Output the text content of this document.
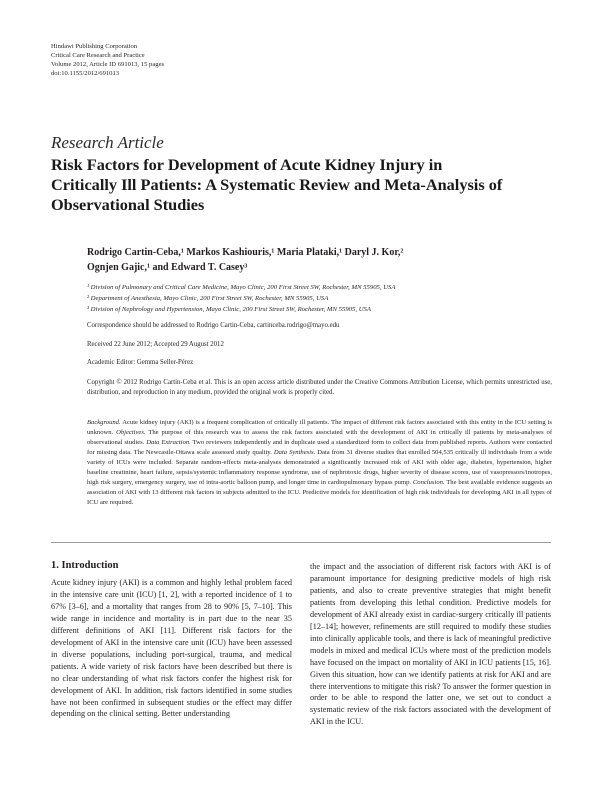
Hindawi Publishing Corporation
Critical Care Research and Practice
Volume 2012, Article ID 691013, 15 pages
doi:10.1155/2012/691013
Research Article
Risk Factors for Development of Acute Kidney Injury in
Critically Ill Patients: A Systematic Review and Meta-Analysis of
Observational Studies
Rodrigo Cartin-Ceba,¹ Markos Kashiouris,¹ Maria Plataki,¹ Daryl J. Kor,²
Ognjen Gajic,¹ and Edward T. Casey³
¹ Division of Pulmonary and Critical Care Medicine, Mayo Clinic, 200 First Street SW, Rochester, MN 55905, USA
² Department of Anesthesia, Mayo Clinic, 200 First Street SW, Rochester, MN 55905, USA
³ Division of Nephrology and Hypertension, Mayo Clinic, 200 First Street SW, Rochester, MN 55905, USA
Correspondence should be addressed to Rodrigo Cartin-Ceba, cartinceba.rodrigo@mayo.edu
Received 22 June 2012; Accepted 29 August 2012
Academic Editor: Gemma Seller-Pérez
Copyright © 2012 Rodrigo Cartin-Ceba et al. This is an open access article distributed under the Creative Commons Attribution License, which permits unrestricted use, distribution, and reproduction in any medium, provided the original work is properly cited.
Background. Acute kidney injury (AKI) is a frequent complication of critically ill patients. The impact of different risk factors associated with this entity in the ICU setting is unknown. Objectives. The purpose of this research was to assess the risk factors associated with the development of AKI in critically ill patients by meta-analyses of observational studies. Data Extraction. Two reviewers independently and in duplicate used a standardized form to collect data from published reports. Authors were contacted for missing data. The Newcastle-Ottawa scale assessed study quality. Data Synthesis. Data from 31 diverse studies that enrolled 504,535 critically ill individuals from a wide variety of ICUs were included. Separate random-effects meta-analyses demonstrated a significantly increased risk of AKI with older age, diabetes, hypertension, higher baseline creatinine, heart failure, sepsis/systemic inflammatory response syndrome, use of nephrotoxic drugs, higher severity of disease scores, use of vasopressors/inotropes, high risk surgery, emergency surgery, use of intra-aortic balloon pump, and longer time in cardiopulmonary bypass pump. Conclusion. The best available evidence suggests an association of AKI with 13 different risk factors in subjects admitted to the ICU. Predictive models for identification of high risk individuals for developing AKI in all types of ICU are required.
1. Introduction
Acute kidney injury (AKI) is a common and highly lethal problem faced in the intensive care unit (ICU) [1, 2], with a reported incidence of 1 to 67% [3–6], and a mortality that ranges from 28 to 90% [5, 7–10]. This wide range in incidence and mortality is in part due to the near 35 different definitions of AKI [11]. Different risk factors for the development of AKI in the intensive care unit (ICU) have been assessed in diverse populations, including port-surgical, trauma, and medical patients. A wide variety of risk factors have been described but there is no clear understanding of what risk factors confer the highest risk for development of AKI. In addition, risk factors identified in some studies have not been confirmed in subsequent studies or the effect may differ depending on the clinical setting. Better understanding
the impact and the association of different risk factors with AKI is of paramount importance for designing predictive models of high risk patients, and also to create preventive strategies that might benefit patients from developing this lethal condition. Predictive models for development of AKI already exist in cardiac-surgery critically ill patients [12–14]; however, refinements are still required to modify these studies into clinically applicable tools, and there is lack of meaningful predictive models in mixed and medical ICUs where most of the prediction models have focused on the impact on mortality of AKI in ICU patients [15, 16]. Given this situation, how can we identify patients at risk for AKI and are there interventions to mitigate this risk? To answer the former question in order to be able to respond the latter one, we set out to conduct a systematic review of the risk factors associated with the development of AKI in the ICU.
